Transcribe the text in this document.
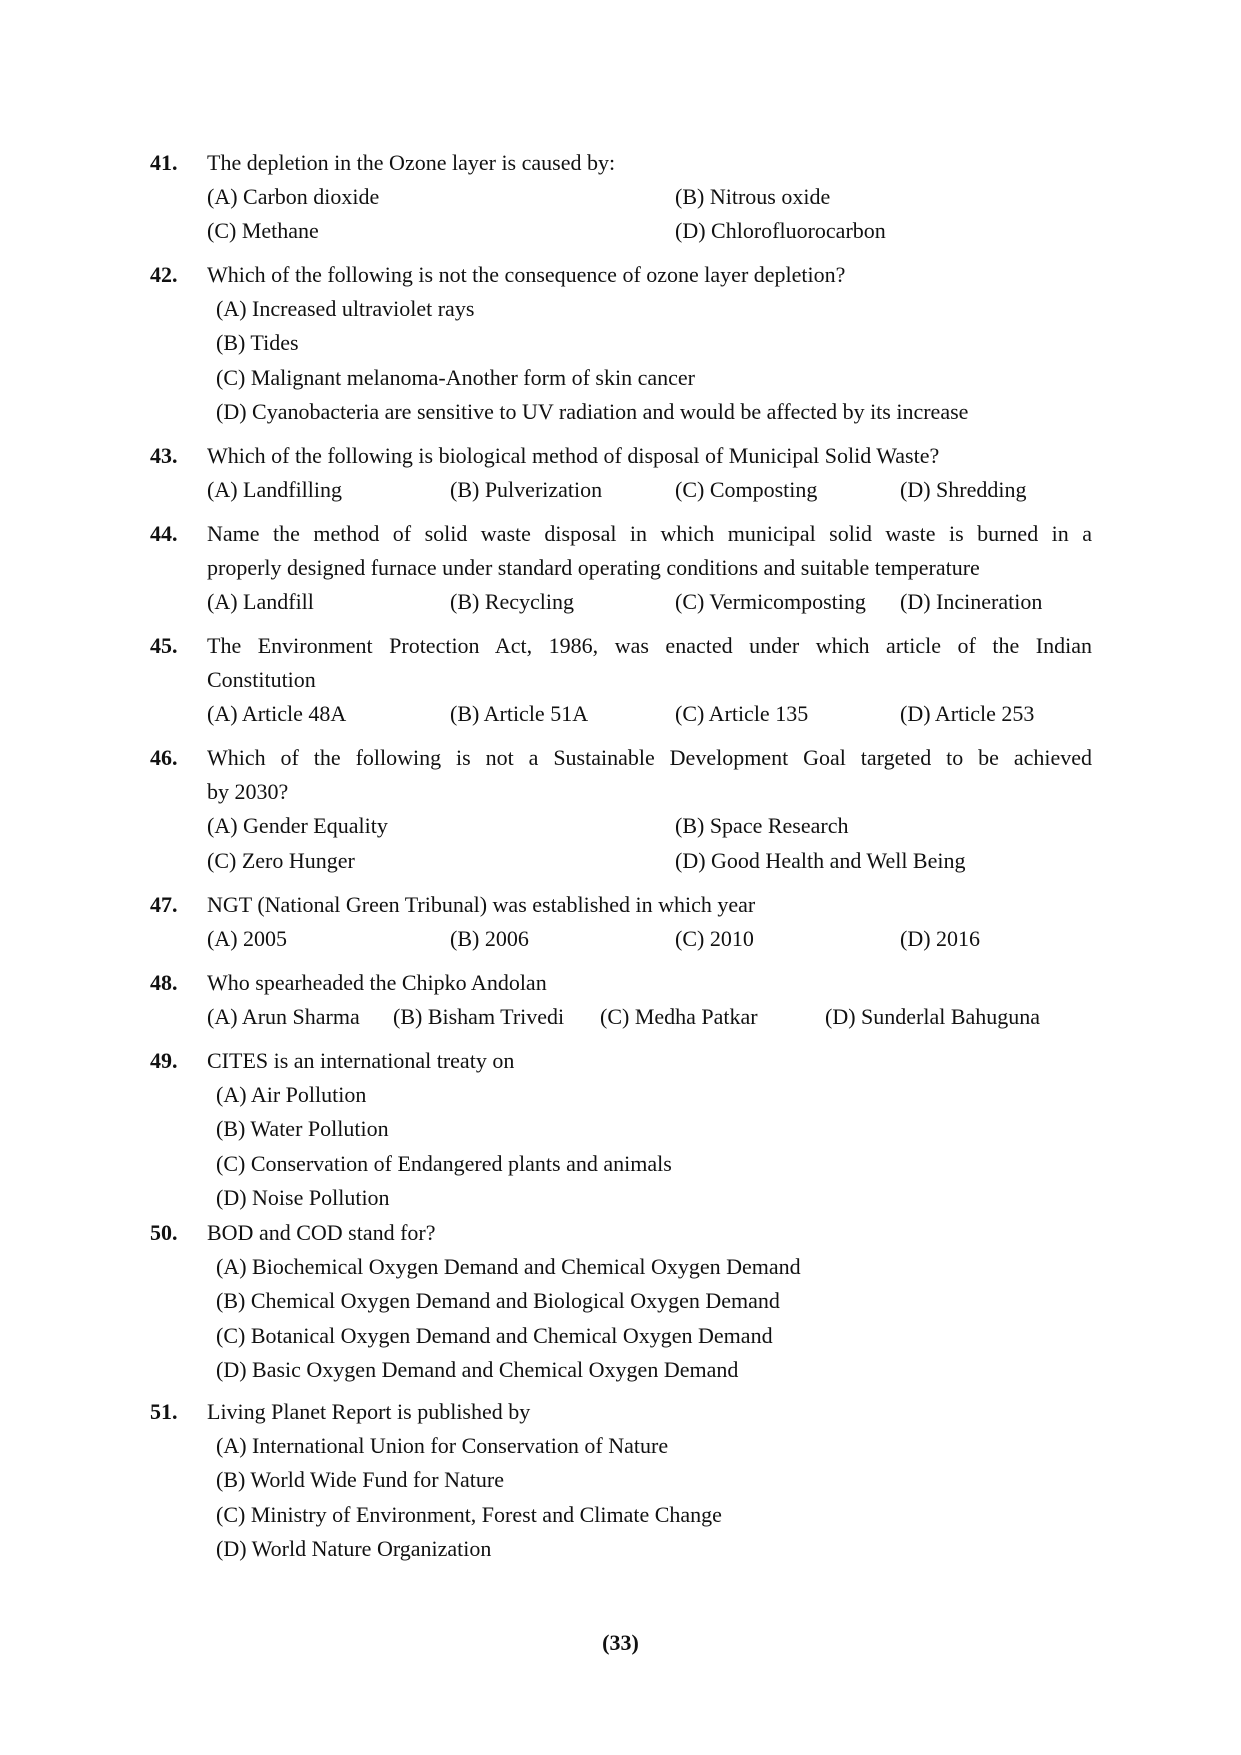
41. The depletion in the Ozone layer is caused by:
(A) Carbon dioxide	(B) Nitrous oxide
(C) Methane	(D) Chlorofluorocarbon
42. Which of the following is not the consequence of ozone layer depletion?
(A) Increased ultraviolet rays
(B) Tides
(C) Malignant melanoma-Another form of skin cancer
(D) Cyanobacteria are sensitive to UV radiation and would be affected by its increase
43. Which of the following is biological method of disposal of Municipal Solid Waste?
(A) Landfilling	(B) Pulverization	(C) Composting	(D) Shredding
44. Name the method of solid waste disposal in which municipal solid waste is burned in a
properly designed furnace under standard operating conditions and suitable temperature
(A) Landfill	(B) Recycling	(C) Vermicomposting (D) Incineration
45. The Environment Protection Act, 1986, was enacted under which article of the Indian
Constitution
(A) Article 48A	(B) Article 51A	(C) Article 135	(D) Article 253
46. Which of the following is not a Sustainable Development Goal targeted to be achieved
by 2030?
(A) Gender Equality	(B) Space Research
(C) Zero Hunger	(D) Good Health and Well Being
47. NGT (National Green Tribunal) was established in which year
(A) 2005	(B) 2006	(C) 2010	(D) 2016
48. Who spearheaded the Chipko Andolan
(A) Arun Sharma (B) Bisham Trivedi (C) Medha Patkar	(D) Sunderlal Bahuguna
49. CITES is an international treaty on
(A) Air Pollution
(B) Water Pollution
(C) Conservation of Endangered plants and animals
(D) Noise Pollution
50. BOD and COD stand for?
(A) Biochemical Oxygen Demand and Chemical Oxygen Demand
(B) Chemical Oxygen Demand and Biological Oxygen Demand
(C) Botanical Oxygen Demand and Chemical Oxygen Demand
(D) Basic Oxygen Demand and Chemical Oxygen Demand
51. Living Planet Report is published by
(A) International Union for Conservation of Nature
(B) World Wide Fund for Nature
(C) Ministry of Environment, Forest and Climate Change
(D) World Nature Organization
(33)
